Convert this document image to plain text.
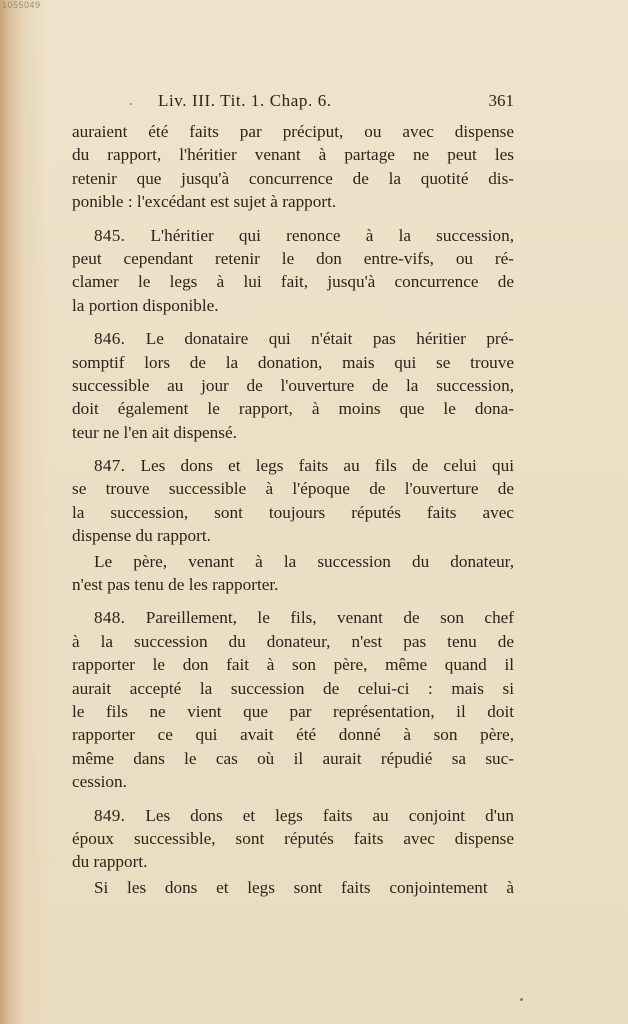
1055049
Liv. III. Tit. 1. Chap. 6.	361
auraient été faits par préciput, ou avec dispense
du rapport, l'héritier venant à partage ne peut les
retenir que jusqu'à concurrence de la quotité dis-
ponible : l'excédant est sujet à rapport.
845. L'héritier qui renonce à la succession,
peut cependant retenir le don entre-vifs, ou ré-
clamer le legs à lui fait, jusqu'à concurrence de
la portion disponible.
846. Le donataire qui n'était pas héritier pré-
somptif lors de la donation, mais qui se trouve
successible au jour de l'ouverture de la succession,
doit également le rapport, à moins que le dona-
teur ne l'en ait dispensé.
847. Les dons et legs faits au fils de celui qui
se trouve successible à l'époque de l'ouverture de
la succession, sont toujours réputés faits avec
dispense du rapport.
Le père, venant à la succession du donateur,
n'est pas tenu de les rapporter.
848. Pareillement, le fils, venant de son chef
à la succession du donateur, n'est pas tenu de
rapporter le don fait à son père, même quand il
aurait accepté la succession de celui-ci : mais si
le fils ne vient que par représentation, il doit
rapporter ce qui avait été donné à son père,
même dans le cas où il aurait répudié sa suc-
cession.
849. Les dons et legs faits au conjoint d'un
époux successible, sont réputés faits avec dispense
du rapport.
Si les dons et legs sont faits conjointement à
